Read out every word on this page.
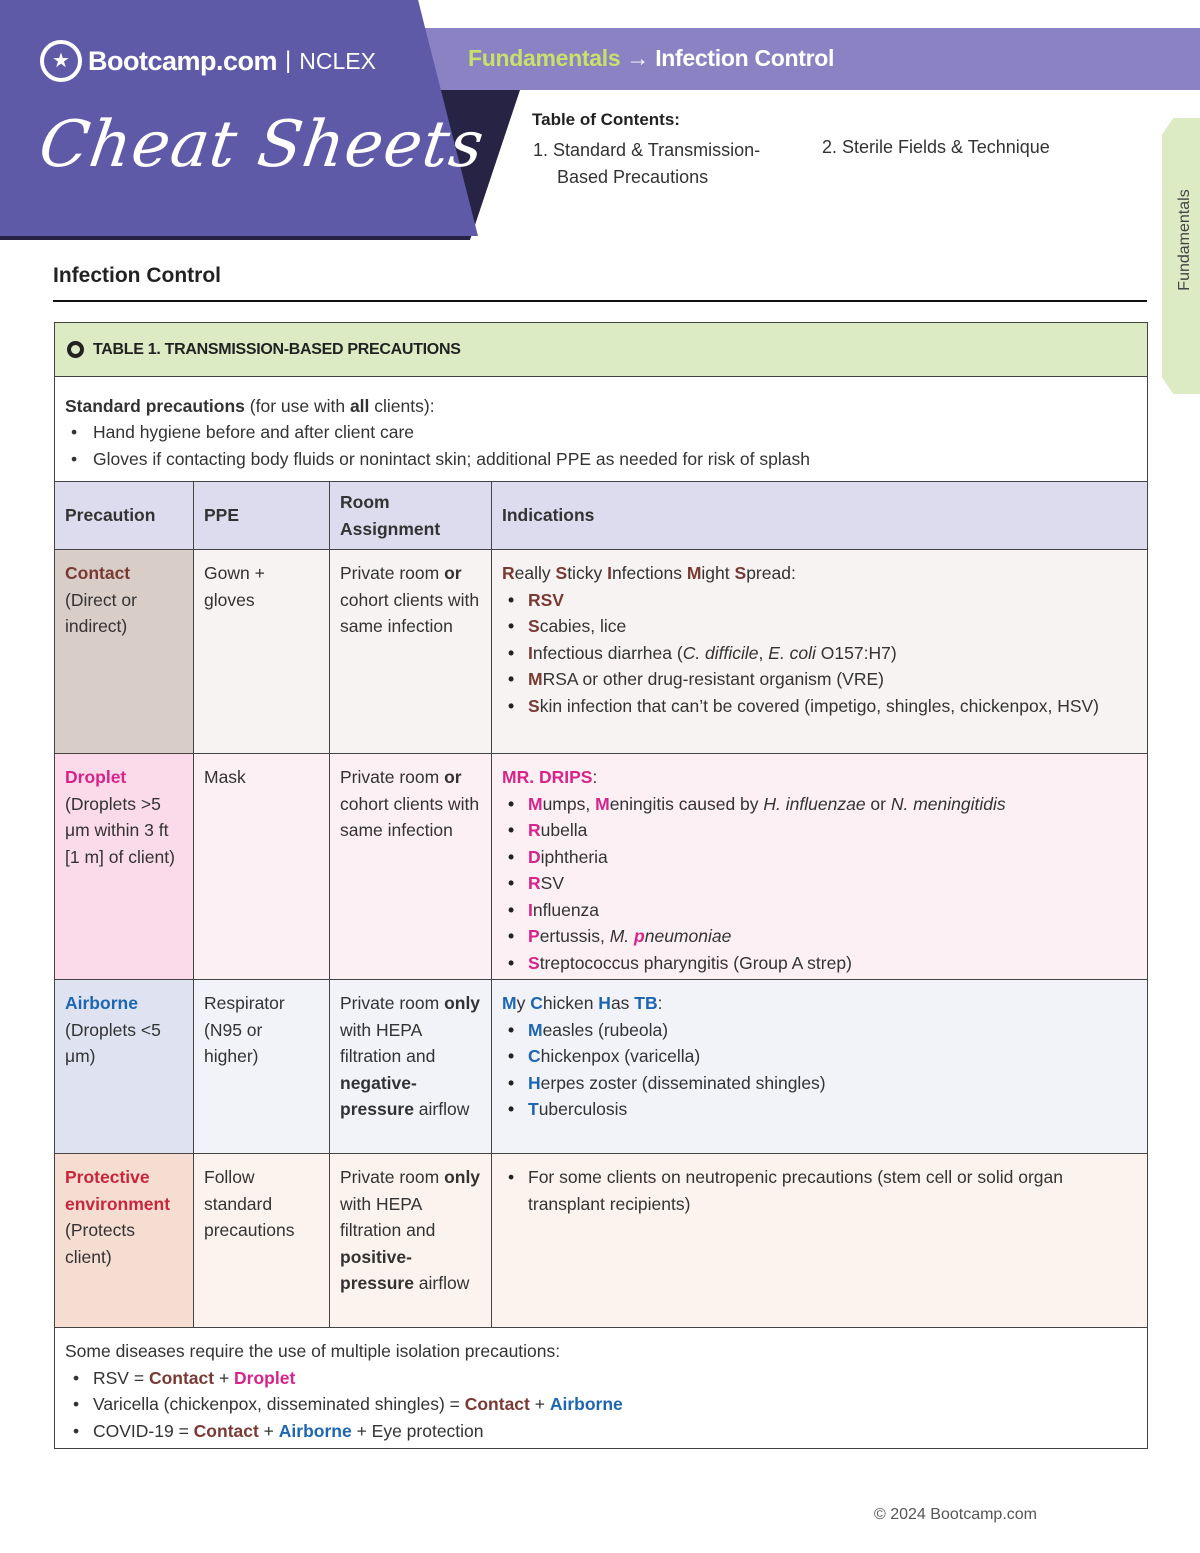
★ Bootcamp.com | NCLEX
Cheat Sheets
Fundamentals → Infection Control
Table of Contents:
1. Standard & Transmission-
Based Precautions
2. Sterile Fields & Technique
Fundamentals
Infection Control
TABLE 1. TRANSMISSION-BASED PRECAUTIONS
Standard precautions (for use with all clients):
• Hand hygiene before and after client care
• Gloves if contacting body fluids or nonintact skin; additional PPE as needed for risk of splash
Precaution	PPE
Room Assignment
Indications
Contact
(Direct or indirect)
Gown + gloves
Private room or cohort clients with same infection
Really Sticky Infections Might Spread:
• RSV
• Scabies, lice
• Infectious diarrhea (C. difficile, E. coli O157:H7)
• MRSA or other drug-resistant organism (VRE)
• Skin infection that can’t be covered (impetigo, shingles, chickenpox, HSV)
Droplet
(Droplets >5 μm within 3 ft [1 m] of client)
Mask	Private room or cohort clients with same infection
MR. DRIPS:
• Mumps, Meningitis caused by H. influenzae or N. meningitidis
• Rubella
• Diphtheria
• RSV
• Influenza
• Pertussis, M. pneumoniae
• Streptococcus pharyngitis (Group A strep)
Airborne
(Droplets <5 μm)
Respirator (N95 or higher)
Private room only with HEPA filtration and negative-pressure airflow
My Chicken Has TB:
• Measles (rubeola)
• Chickenpox (varicella)
• Herpes zoster (disseminated shingles)
• Tuberculosis
Protective environment
(Protects client)
Follow standard precautions
Private room only with HEPA filtration and positive-pressure airflow
• For some clients on neutropenic precautions (stem cell or solid organ transplant recipients)
Some diseases require the use of multiple isolation precautions:
• RSV = Contact + Droplet
• Varicella (chickenpox, disseminated shingles) = Contact + Airborne
• COVID-19 = Contact + Airborne + Eye protection
© 2024 Bootcamp.com
